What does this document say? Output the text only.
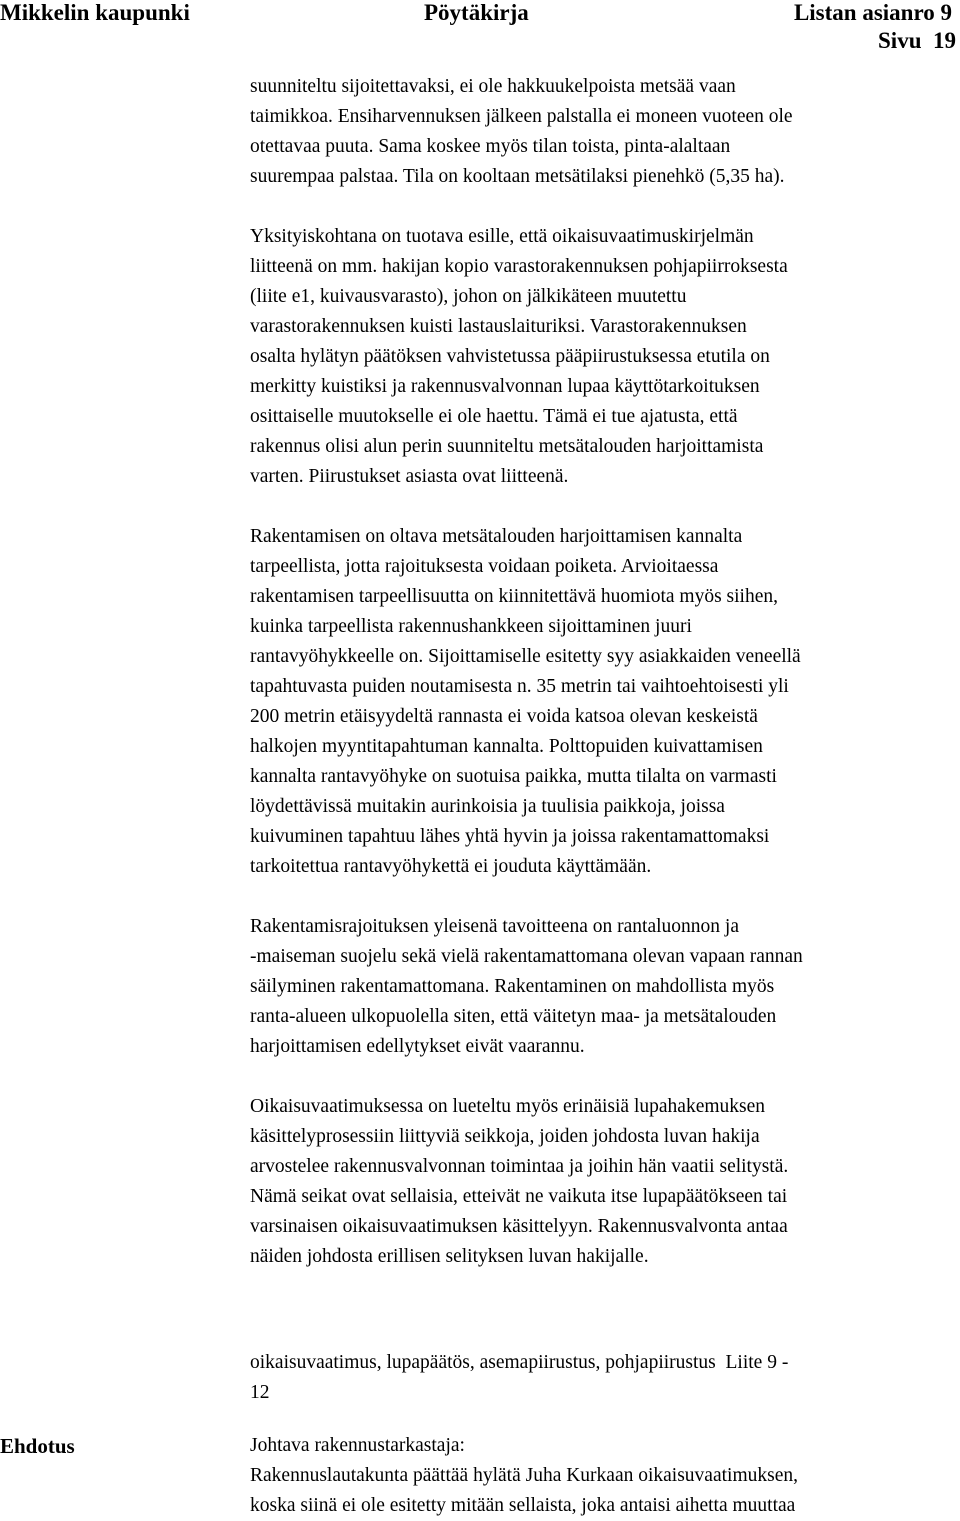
Mikkelin kaupunki	Pöytäkirja	Listan asianro 9
Sivu  19

suunniteltu sijoitettavaksi, ei ole hakkuukelpoista metsää vaan
taimikkoa. Ensiharvennuksen jälkeen palstalla ei moneen vuoteen ole
otettavaa puuta. Sama koskee myös tilan toista, pinta-alaltaan
suurempaa palstaa. Tila on kooltaan metsätilaksi pienehkö (5,35 ha).

Yksityiskohtana on tuotava esille, että oikaisuvaatimuskirjelmän
liitteenä on mm. hakijan kopio varastorakennuksen pohjapiirroksesta
(liite e1, kuivausvarasto), johon on jälkikäteen muutettu
varastorakennuksen kuisti lastauslaituriksi. Varastorakennuksen
osalta hylätyn päätöksen vahvistetussa pääpiirustuksessa etutila on
merkitty kuistiksi ja rakennusvalvonnan lupaa käyttötarkoituksen
osittaiselle muutokselle ei ole haettu. Tämä ei tue ajatusta, että
rakennus olisi alun perin suunniteltu metsätalouden harjoittamista
varten. Piirustukset asiasta ovat liitteenä.

Rakentamisen on oltava metsätalouden harjoittamisen kannalta
tarpeellista, jotta rajoituksesta voidaan poiketa. Arvioitaessa
rakentamisen tarpeellisuutta on kiinnitettävä huomiota myös siihen,
kuinka tarpeellista rakennushankkeen sijoittaminen juuri
rantavyöhykkeelle on. Sijoittamiselle esitetty syy asiakkaiden veneellä
tapahtuvasta puiden noutamisesta n. 35 metrin tai vaihtoehtoisesti yli
200 metrin etäisyydeltä rannasta ei voida katsoa olevan keskeistä
halkojen myyntitapahtuman kannalta. Polttopuiden kuivattamisen
kannalta rantavyöhyke on suotuisa paikka, mutta tilalta on varmasti
löydettävissä muitakin aurinkoisia ja tuulisia paikkoja, joissa
kuivuminen tapahtuu lähes yhtä hyvin ja joissa rakentamattomaksi
tarkoitettua rantavyöhykettä ei jouduta käyttämään.

Rakentamisrajoituksen yleisenä tavoitteena on rantaluonnon ja
-maiseman suojelu sekä vielä rakentamattomana olevan vapaan rannan
säilyminen rakentamattomana. Rakentaminen on mahdollista myös
ranta-alueen ulkopuolella siten, että väitetyn maa- ja metsätalouden
harjoittamisen edellytykset eivät vaarannu.

Oikaisuvaatimuksessa on lueteltu myös erinäisiä lupahakemuksen
käsittelyprosessiin liittyviä seikkoja, joiden johdosta luvan hakija
arvostelee rakennusvalvonnan toimintaa ja joihin hän vaatii selitystä.
Nämä seikat ovat sellaisia, etteivät ne vaikuta itse lupapäätökseen tai
varsinaisen oikaisuvaatimuksen käsittelyyn. Rakennusvalvonta antaa
näiden johdosta erillisen selityksen luvan hakijalle.

oikaisuvaatimus, lupapäätös, asemapiirustus, pohjapiirustus  Liite 9 -
12
Ehdotus	Johtava rakennustarkastaja:
Rakennuslautakunta päättää hylätä Juha Kurkaan oikaisuvaatimuksen,
koska siinä ei ole esitetty mitään sellaista, joka antaisi aihetta muuttaa
